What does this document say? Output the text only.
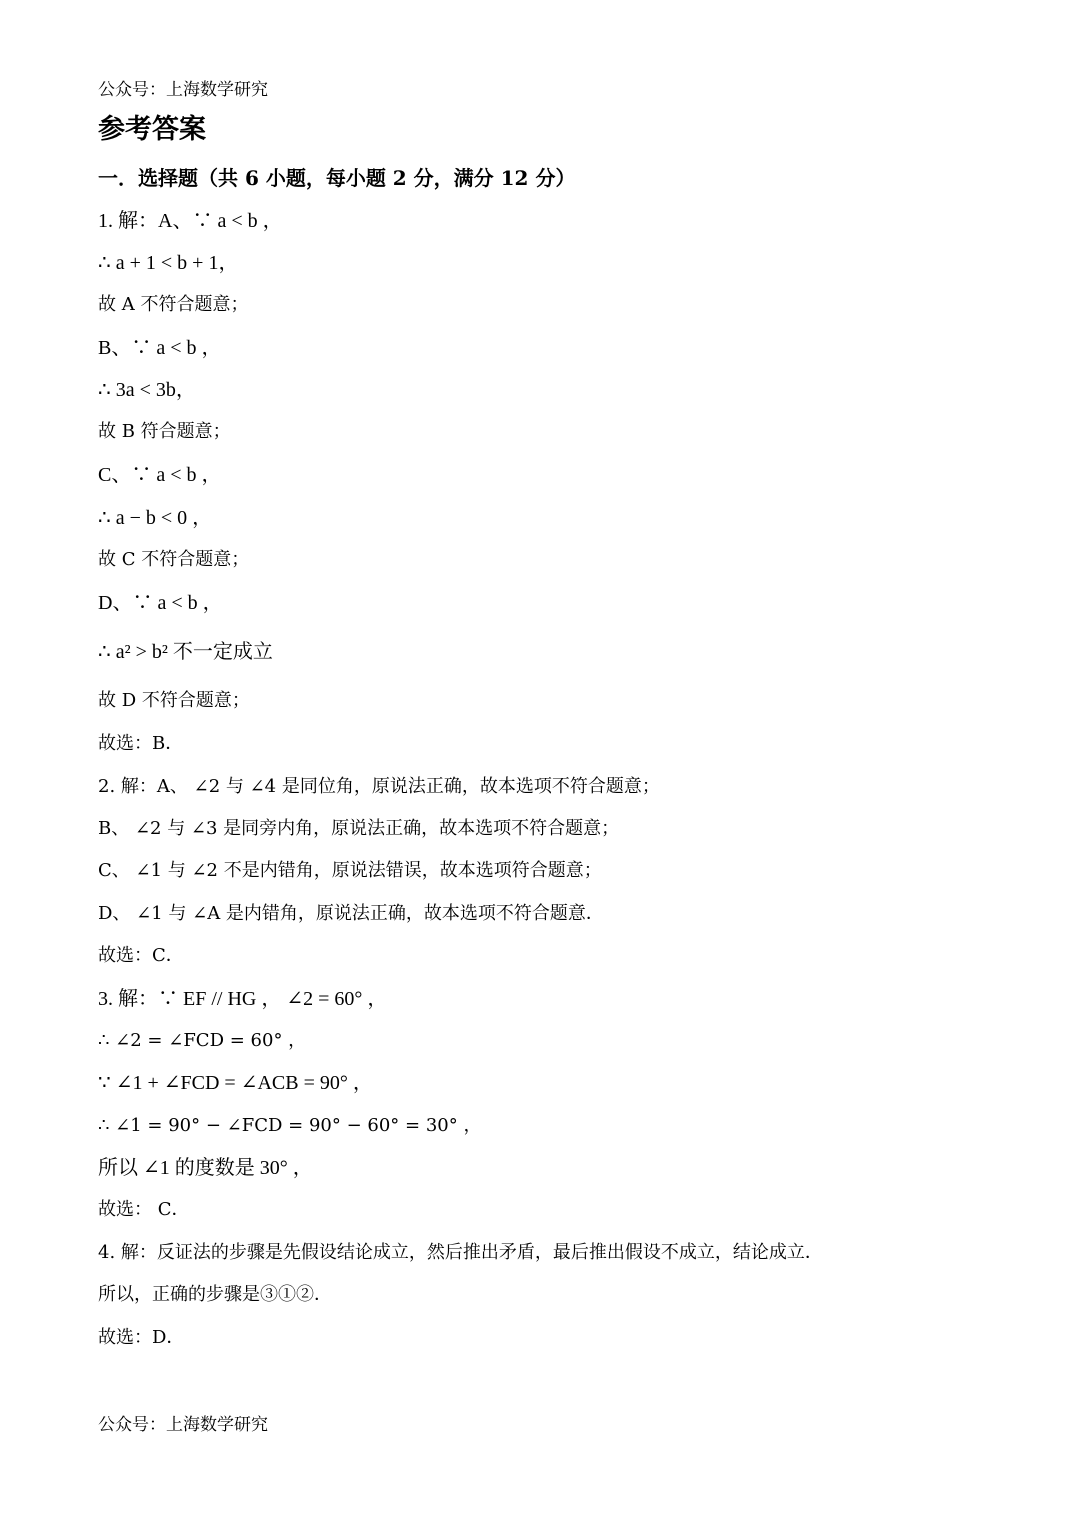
公众号：上海数学研究
参考答案
一．选择题（共 6 小题，每小题 2 分，满分 12 分）
1. 解：A、∵ a < b ，
∴ a + 1 < b + 1，
故 A 不符合题意；
B、∵ a < b ，
∴ 3a < 3b，
故 B 符合题意；
C、∵ a < b ，
∴ a − b < 0 ，
故 C 不符合题意；
D、∵ a < b ，
∴ a² > b² 不一定成立
故 D 不符合题意；
故选：B．
2. 解：A、 ∠2 与 ∠4 是同位角，原说法正确，故本选项不符合题意；
B、 ∠2 与 ∠3 是同旁内角，原说法正确，故本选项不符合题意；
C、 ∠1 与 ∠2 不是内错角，原说法错误，故本选项符合题意；
D、 ∠1 与 ∠A 是内错角，原说法正确，故本选项不符合题意．
故选：C．
3. 解：∵ EF // HG ， ∠2 = 60° ，
∴ ∠2 = ∠FCD = 60° ，
∵ ∠1 + ∠FCD = ∠ACB = 90° ，
∴ ∠1 = 90° − ∠FCD = 90° − 60° = 30° ，
所以 ∠1 的度数是 30° ，
故选： C．
4. 解：反证法的步骤是先假设结论成立，然后推出矛盾，最后推出假设不成立，结论成立．
所以，正确的步骤是③①②．
故选：D．
公众号：上海数学研究
